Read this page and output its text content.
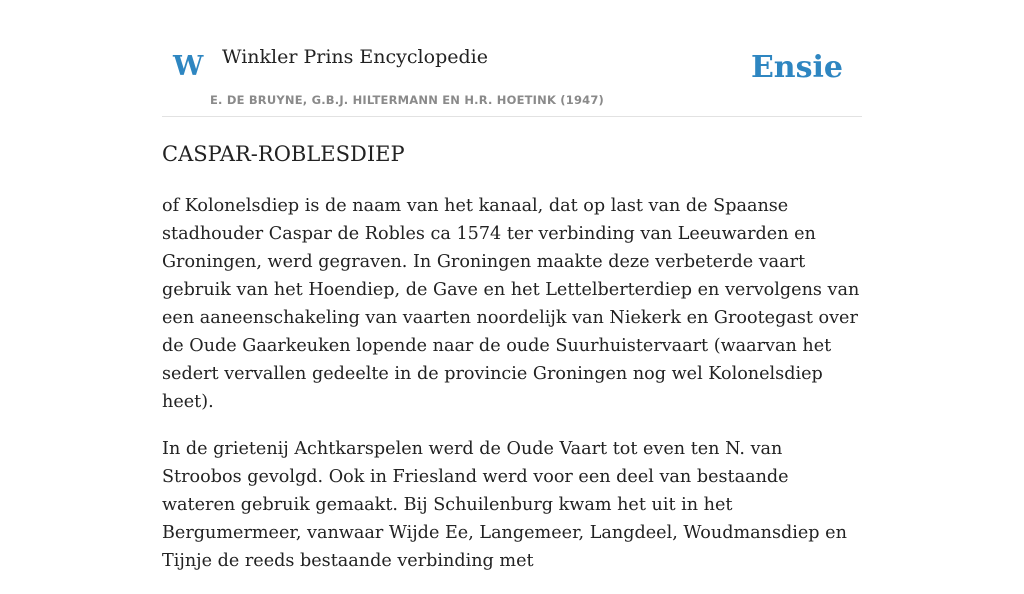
W Winkler Prins Encyclopedie
E. DE BRUYNE, G.B.J. HILTERMANN EN H.R. HOETINK (1947)
Ensie
CASPAR-ROBLESDIEP

of Kolonelsdiep is de naam van het kanaal, dat op last van de Spaanse stadhouder Caspar de Robles ca 1574 ter verbinding van Leeuwarden en Groningen, werd gegraven. In Groningen maakte deze verbeterde vaart gebruik van het Hoendiep, de Gave en het Lettelberterdiep en vervolgens van een aaneenschakeling van vaarten noordelijk van Niekerk en Grootegast over de Oude Gaarkeuken lopende naar de oude Suurhuistervaart (waarvan het sedert vervallen gedeelte in de provincie Groningen nog wel Kolonelsdiep heet).

In de grietenij Achtkarspelen werd de Oude Vaart tot even ten N. van Stroobos gevolgd. Ook in Friesland werd voor een deel van bestaande wateren gebruik gemaakt. Bij Schuilenburg kwam het uit in het Bergumermeer, vanwaar Wijde Ee, Langemeer, Langdeel, Woudmansdiep en Tijnje de reeds bestaande verbinding met
